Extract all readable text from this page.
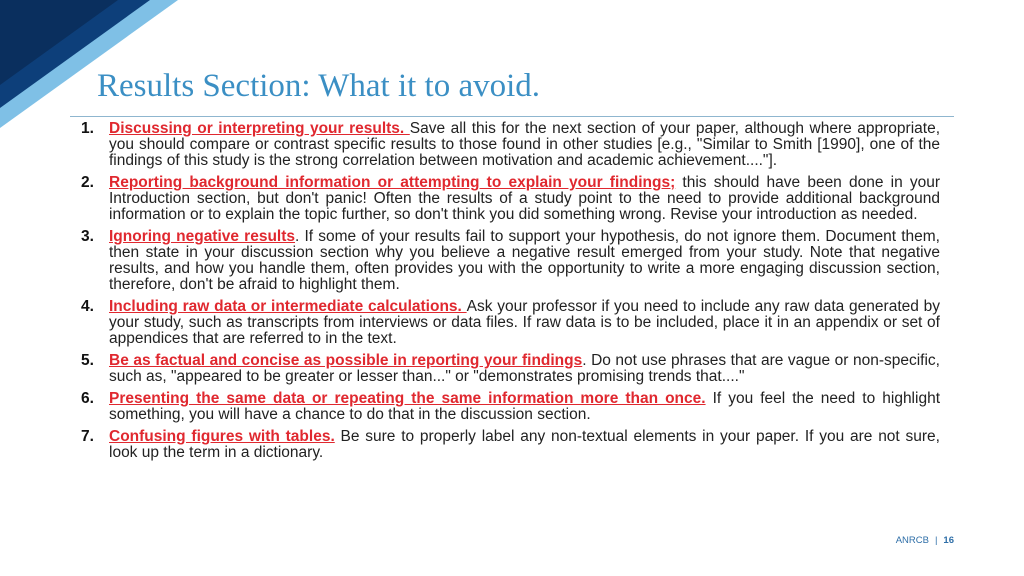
Results Section: What it to avoid.
1. Discussing or interpreting your results. Save all this for the next section of your paper, although where appropriate, you should compare or contrast specific results to those found in other studies [e.g., "Similar to Smith [1990], one of the findings of this study is the strong correlation between motivation and academic achievement...."].
2. Reporting background information or attempting to explain your findings; this should have been done in your Introduction section, but don't panic! Often the results of a study point to the need to provide additional background information or to explain the topic further, so don't think you did something wrong. Revise your introduction as needed.
3. Ignoring negative results. If some of your results fail to support your hypothesis, do not ignore them. Document them, then state in your discussion section why you believe a negative result emerged from your study. Note that negative results, and how you handle them, often provides you with the opportunity to write a more engaging discussion section, therefore, don't be afraid to highlight them.
4. Including raw data or intermediate calculations. Ask your professor if you need to include any raw data generated by your study, such as transcripts from interviews or data files. If raw data is to be included, place it in an appendix or set of appendices that are referred to in the text.
5. Be as factual and concise as possible in reporting your findings. Do not use phrases that are vague or non-specific, such as, "appeared to be greater or lesser than..." or "demonstrates promising trends that...."
6. Presenting the same data or repeating the same information more than once. If you feel the need to highlight something, you will have a chance to do that in the discussion section.
7. Confusing figures with tables. Be sure to properly label any non-textual elements in your paper. If you are not sure, look up the term in a dictionary.
ANRCB | 16
